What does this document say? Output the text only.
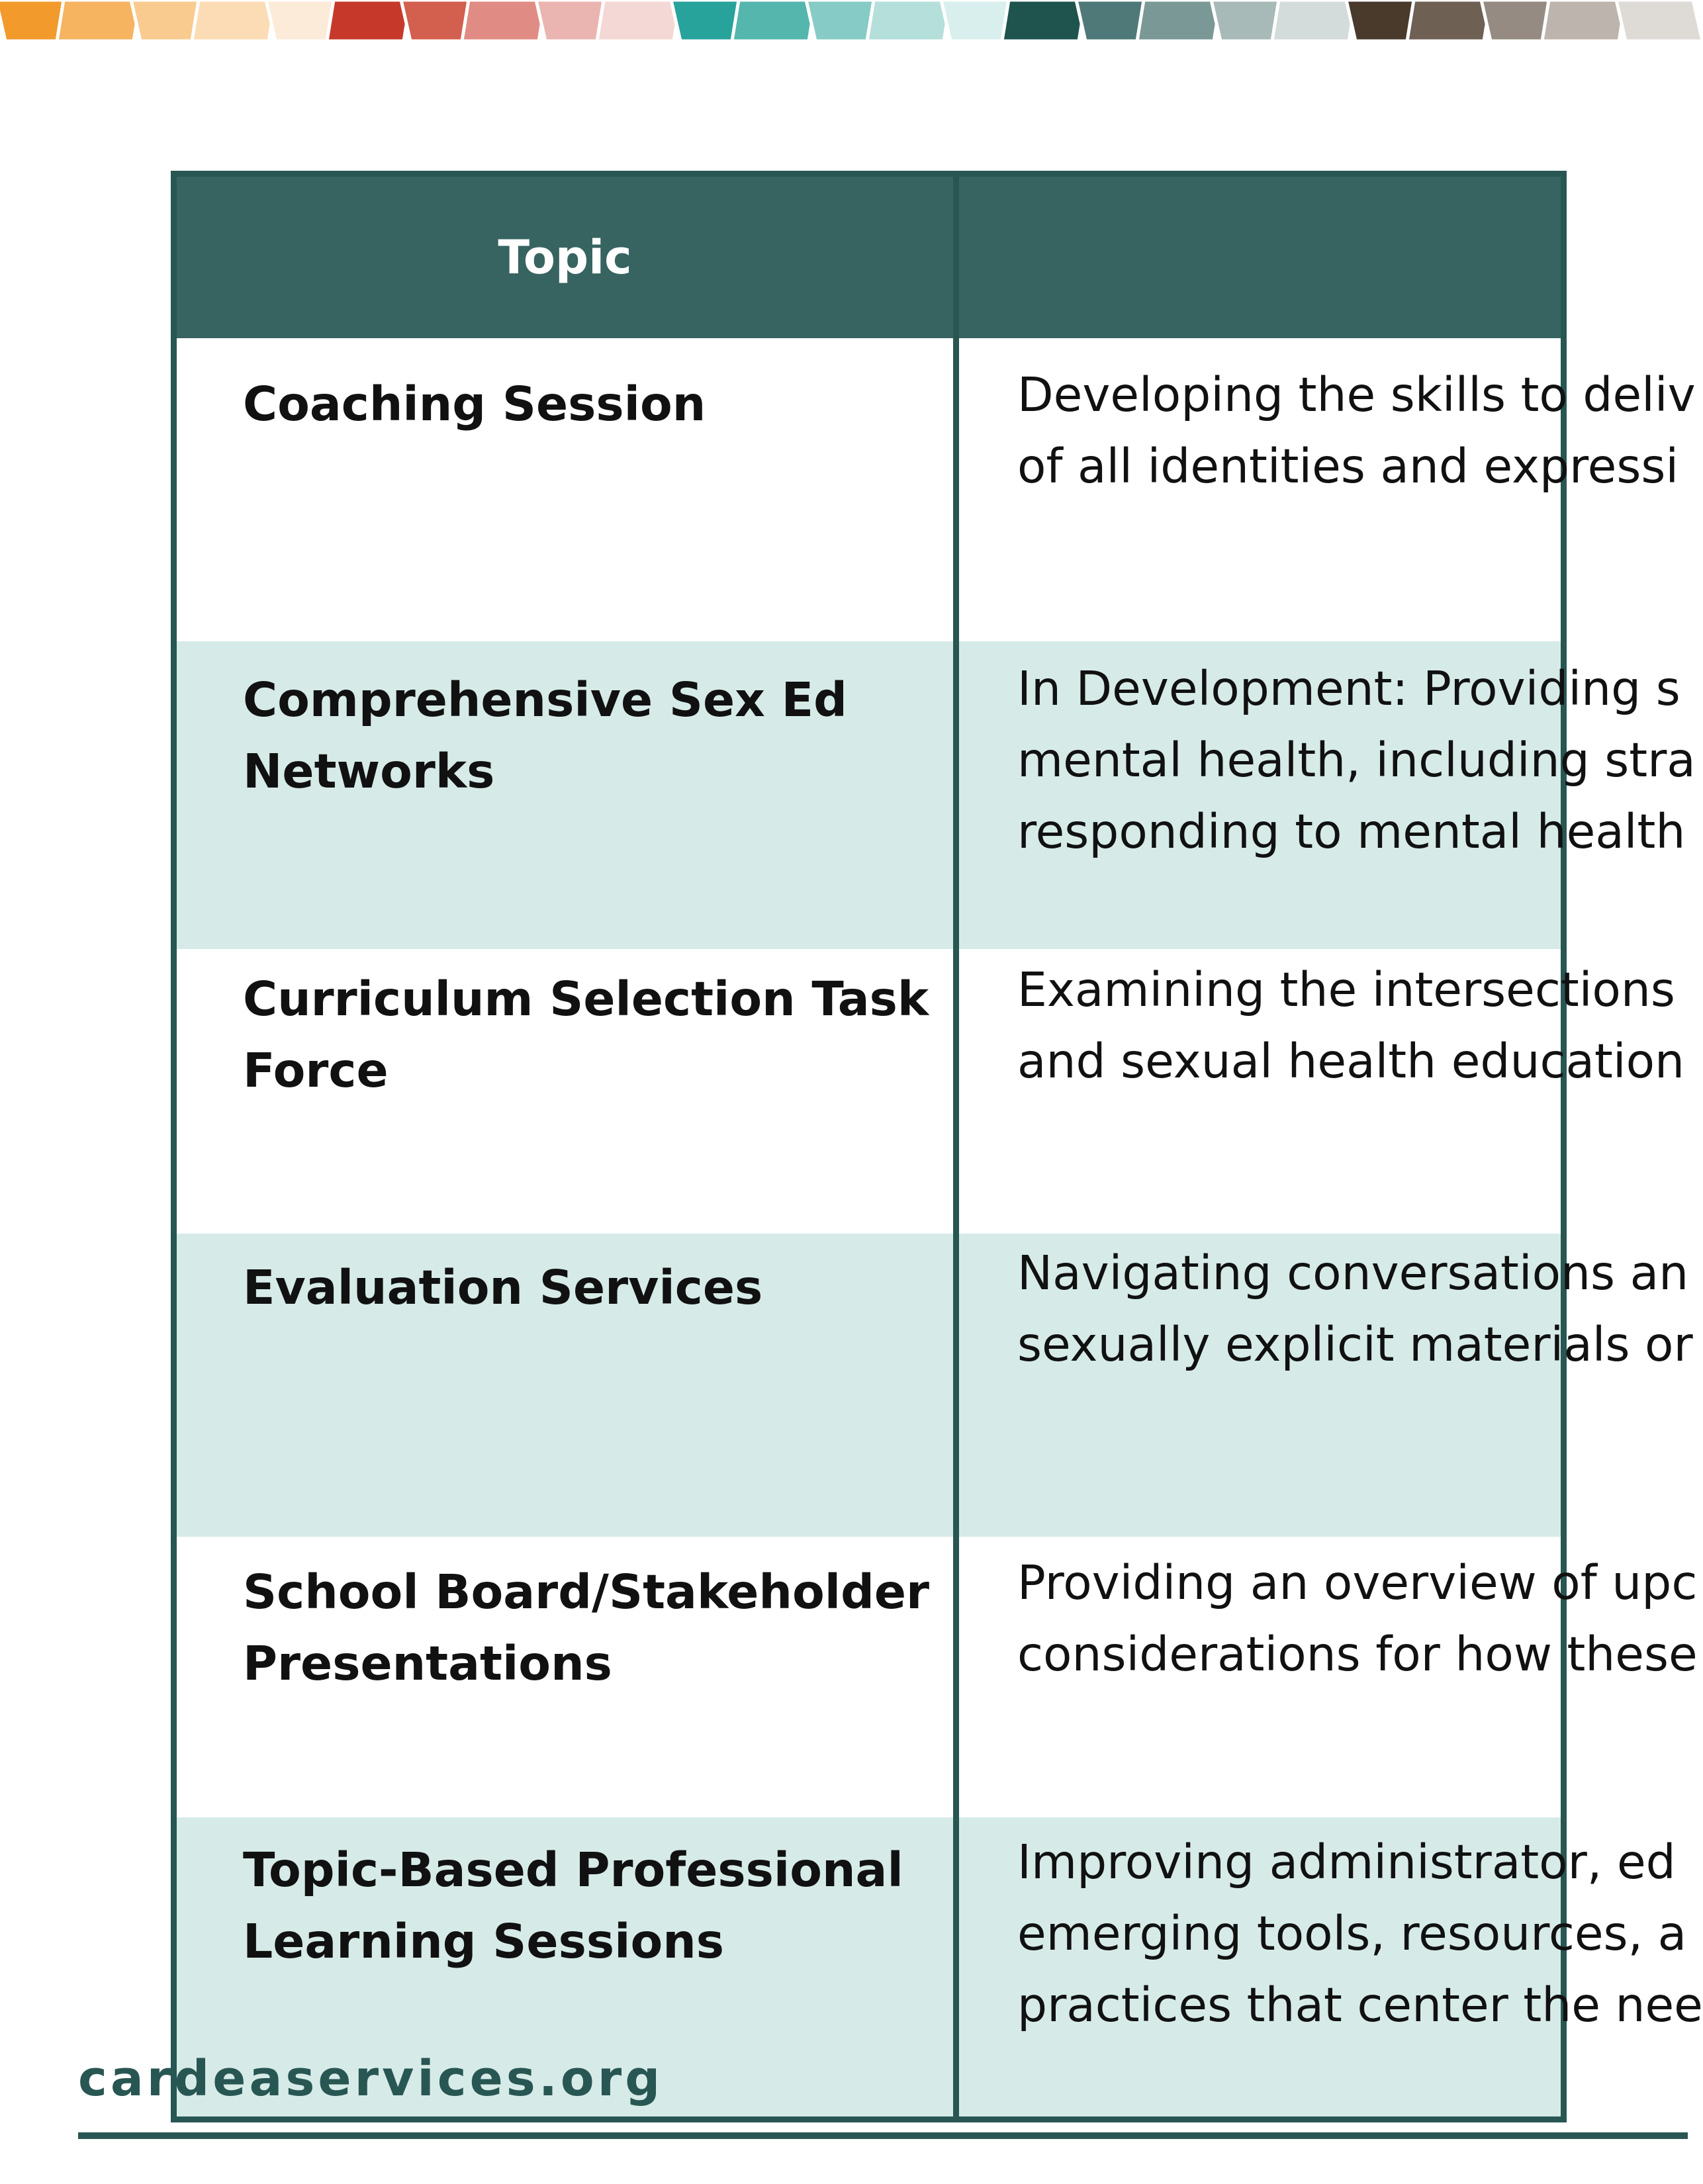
Topic	
Coaching Session	Developing the skills to deliv
of all identities and expressi

Comprehensive Sex Ed Networks	In Development: Providing s
mental health, including stra
responding to mental health

Curriculum Selection Task Force	Examining the intersections
and sexual health education

Evaluation Services	Navigating conversations an
sexually explicit materials or

School Board/Stakeholder Presentations	Providing an overview of upc
considerations for how these

Topic-Based Professional Learning Sessions	Improving administrator, ed
emerging tools, resources, a
practices that center the nee
cardeaservices.org
